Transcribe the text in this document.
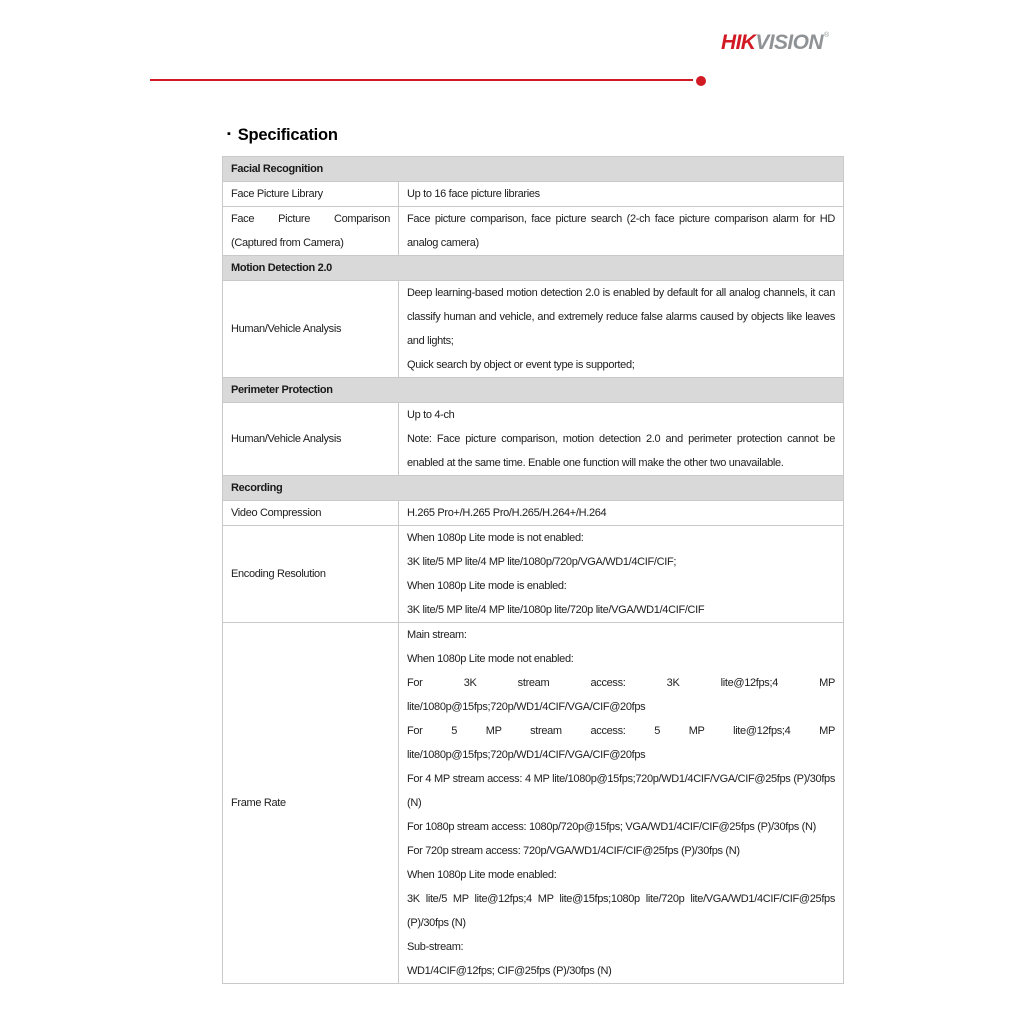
HIKVISION®
▪ Specification
Facial Recognition	

Face Picture Library	Up to 16 face picture libraries

Face Picture Comparison (Captured from Camera)	Face picture comparison, face picture search (2-ch face picture comparison alarm for HD analog camera)

Motion Detection 2.0	

Human/Vehicle Analysis	Deep learning-based motion detection 2.0 is enabled by default for all analog channels, it can classify human and vehicle, and extremely reduce false alarms caused by objects like leaves and lights;
Quick search by object or event type is supported;

Perimeter Protection	

Human/Vehicle Analysis	Up to 4-ch
Note: Face picture comparison, motion detection 2.0 and perimeter protection cannot be enabled at the same time. Enable one function will make the other two unavailable.

Recording	

Video Compression	H.265 Pro+/H.265 Pro/H.265/H.264+/H.264

Encoding Resolution	When 1080p Lite mode is not enabled:
3K lite/5 MP lite/4 MP lite/1080p/720p/VGA/WD1/4CIF/CIF;
When 1080p Lite mode is enabled:
3K lite/5 MP lite/4 MP lite/1080p lite/720p lite/VGA/WD1/4CIF/CIF

Frame Rate

Main stream:
When 1080p Lite mode not enabled:
For 3K stream access: 3K lite@12fps;4 MP lite/1080p@15fps;720p/WD1/4CIF/VGA/CIF@20fps
For 5 MP stream access: 5 MP lite@12fps;4 MP lite/1080p@15fps;720p/WD1/4CIF/VGA/CIF@20fps
For 4 MP stream access: 4 MP lite/1080p@15fps;720p/WD1/4CIF/VGA/CIF@25fps (P)/30fps (N)
For 1080p stream access: 1080p/720p@15fps; VGA/WD1/4CIF/CIF@25fps (P)/30fps (N)
For 720p stream access: 720p/VGA/WD1/4CIF/CIF@25fps (P)/30fps (N)
When 1080p Lite mode enabled:
3K lite/5 MP lite@12fps;4 MP lite@15fps;1080p lite/720p lite/VGA/WD1/4CIF/CIF@25fps (P)/30fps (N)
Sub-stream:
WD1/4CIF@12fps; CIF@25fps (P)/30fps (N)
